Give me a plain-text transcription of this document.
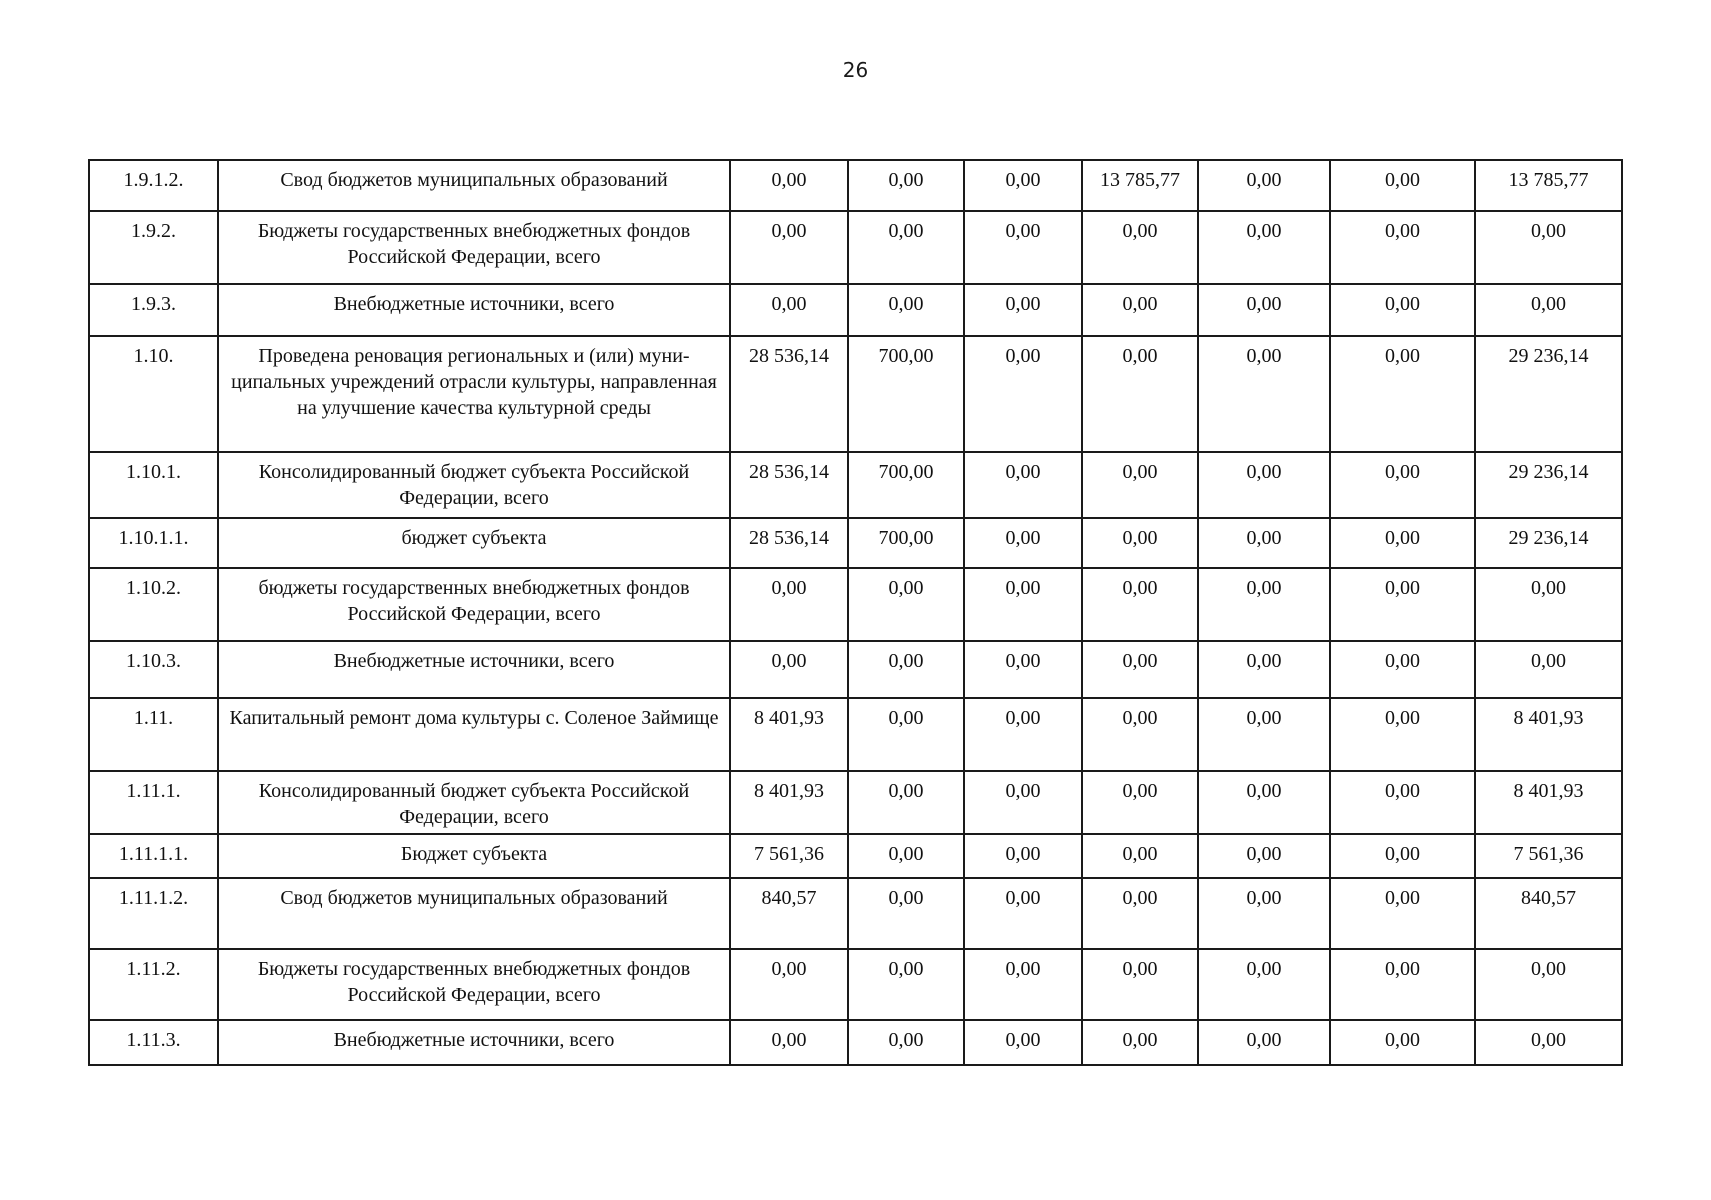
26
1.9.1.2.	Свод бюджетов муниципальных образований	0,00	0,00	0,00	13 785,77	0,00	0,00	13 785,77
1.9.2.	Бюджеты государственных внебюджетных фондов Российской Федерации, всего	0,00	0,00	0,00	0,00	0,00	0,00	0,00
1.9.3.	Внебюджетные источники, всего	0,00	0,00	0,00	0,00	0,00	0,00	0,00
1.10.	Проведена реновация региональных и (или) муни-ципальных учреждений отрасли культуры, направленная на улучшение качества культурной среды	28 536,14	700,00	0,00	0,00	0,00	0,00	29 236,14
1.10.1.	Консолидированный бюджет субъекта Российской Федерации, всего	28 536,14	700,00	0,00	0,00	0,00	0,00	29 236,14
1.10.1.1.	бюджет субъекта	28 536,14	700,00	0,00	0,00	0,00	0,00	29 236,14
1.10.2.	бюджеты государственных внебюджетных фондов Российской Федерации, всего	0,00	0,00	0,00	0,00	0,00	0,00	0,00
1.10.3.	Внебюджетные источники, всего	0,00	0,00	0,00	0,00	0,00	0,00	0,00
1.11.	Капитальный ремонт дома культуры с. Соленое Займище	8 401,93	0,00	0,00	0,00	0,00	0,00	8 401,93
1.11.1.	Консолидированный бюджет субъекта Российской Федерации, всего	8 401,93	0,00	0,00	0,00	0,00	0,00	8 401,93
1.11.1.1.	Бюджет субъекта	7 561,36	0,00	0,00	0,00	0,00	0,00	7 561,36
1.11.1.2.	Свод бюджетов муниципальных образований	840,57	0,00	0,00	0,00	0,00	0,00	840,57
1.11.2.	Бюджеты государственных внебюджетных фондов Российской Федерации, всего	0,00	0,00	0,00	0,00	0,00	0,00	0,00
1.11.3.	Внебюджетные источники, всего	0,00	0,00	0,00	0,00	0,00	0,00	0,00
